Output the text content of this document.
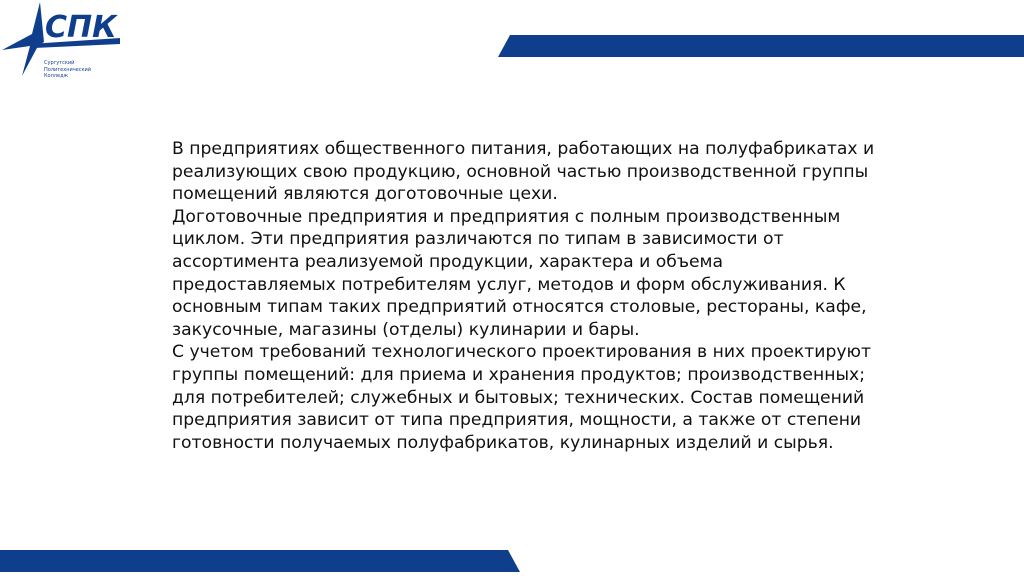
СПК
Сургутский
Политехнический
Колледж

В предприятиях общественного питания, работающих на полуфабрикатах и реализующих свою продукцию, основной частью производственной группы помещений являются доготовочные цехи.

Доготовочные предприятия и предприятия с полным производственным циклом. Эти предприятия различаются по типам в зависимости от ассортимента реализуемой продукции, характера и объема предоставляемых потребителям услуг, методов и форм обслуживания. К основным типам таких предприятий относятся столовые, рестораны, кафе, закусочные, магазины (отделы) кулинарии и бары.

С учетом требований технологического проектирования в них проектируют группы помещений: для приема и хранения продуктов; производственных; для потребителей; служебных и бытовых; технических. Состав помещений предприятия зависит от типа предприятия, мощности, а также от степени готовности получаемых полуфабрикатов, кулинарных изделий и сырья.
